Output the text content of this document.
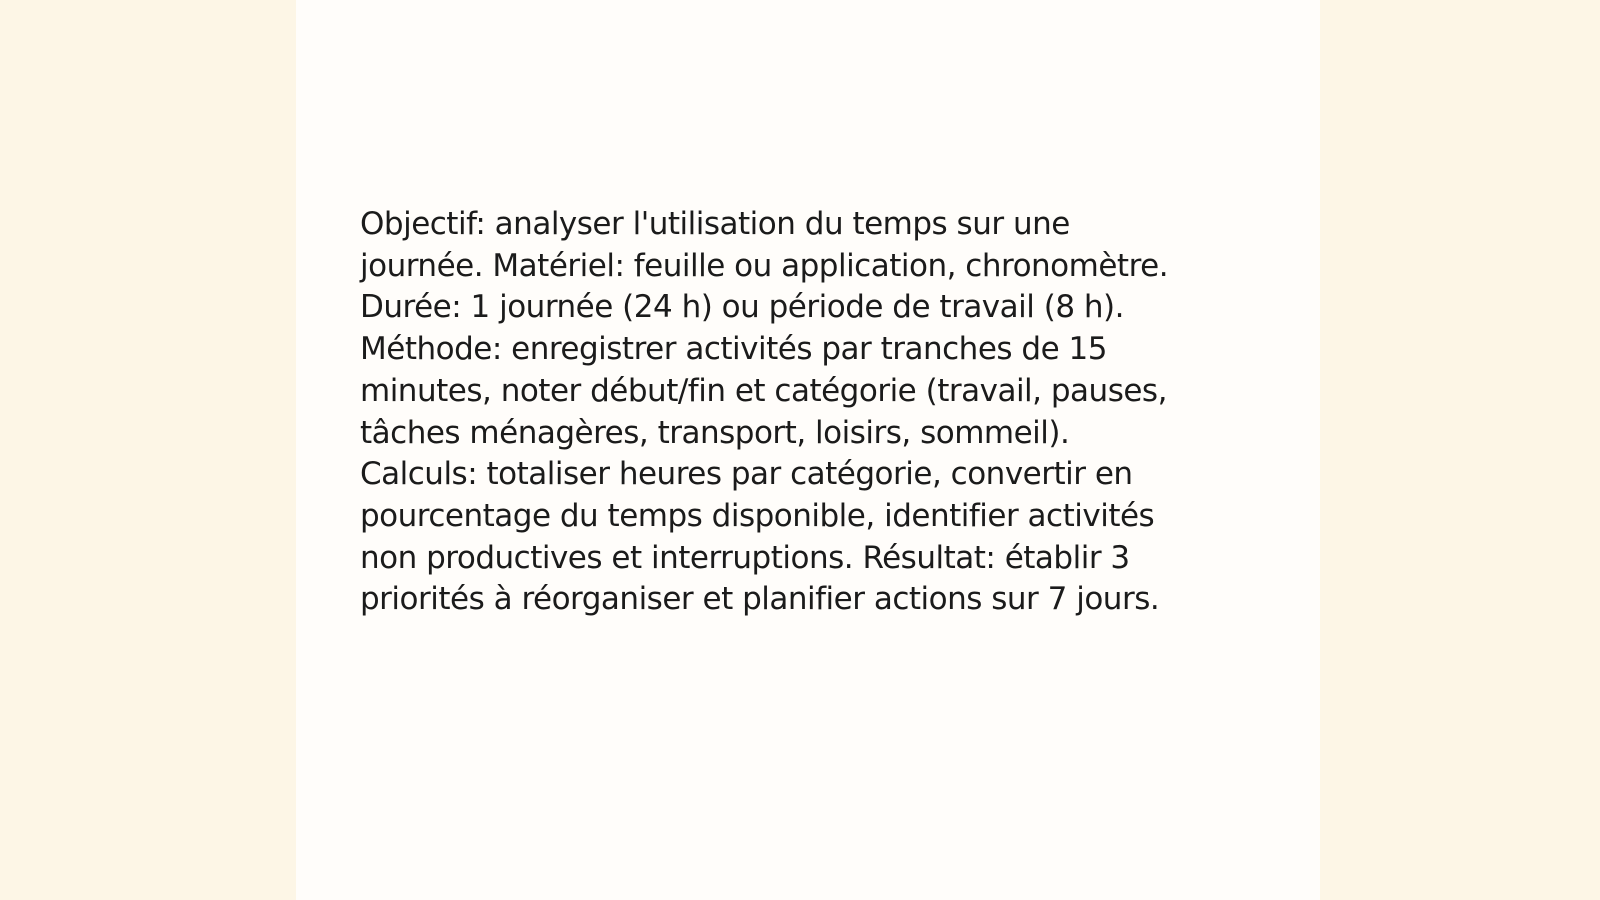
Objectif: analyser l'utilisation du temps sur une
journée. Matériel: feuille ou application, chronomètre.
Durée: 1 journée (24 h) ou période de travail (8 h).
Méthode: enregistrer activités par tranches de 15
minutes, noter début/fin et catégorie (travail, pauses,
tâches ménagères, transport, loisirs, sommeil).
Calculs: totaliser heures par catégorie, convertir en
pourcentage du temps disponible, identifier activités
non productives et interruptions. Résultat: établir 3
priorités à réorganiser et planifier actions sur 7 jours.
